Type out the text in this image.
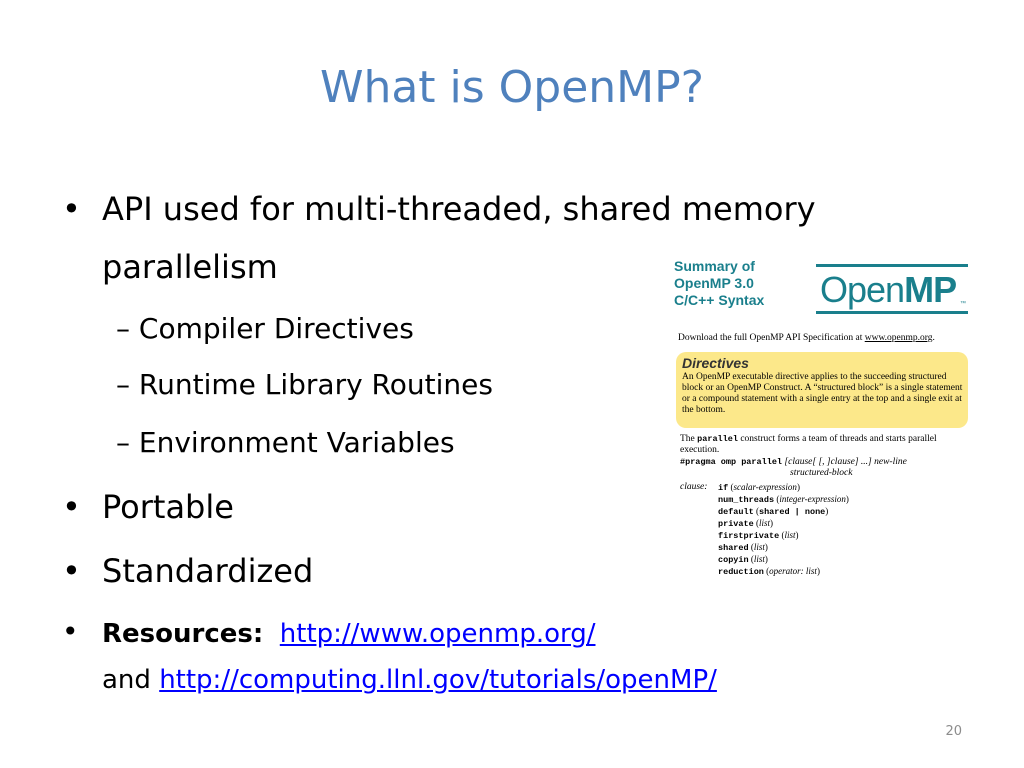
What is OpenMP?
• API used for multi-threaded, shared memory
parallelism
– Compiler Directives
– Runtime Library Routines
– Environment Variables
• Portable
• Standardized
• Resources: http://www.openmp.org/
and http://computing.llnl.gov/tutorials/openMP/
Summary of
OpenMP 3.0
C/C++ Syntax OpenMP ™
Download the full OpenMP API Specification at www.openmp.org.
Directives
An OpenMP executable directive applies to the succeeding structured block or an OpenMP Construct. A “structured block” is a single statement or a compound statement with a single entry at the top and a single exit at the bottom.
The parallel construct forms a team of threads and starts parallel execution.
#pragma omp parallel [clause[ [, ]clause] ...] new-line
structured-block
clause: if (scalar-expression)
num_threads (integer-expression)
default (shared | none)
private (list)
firstprivate (list)
shared (list)
copyin (list)
reduction (operator: list)
20
